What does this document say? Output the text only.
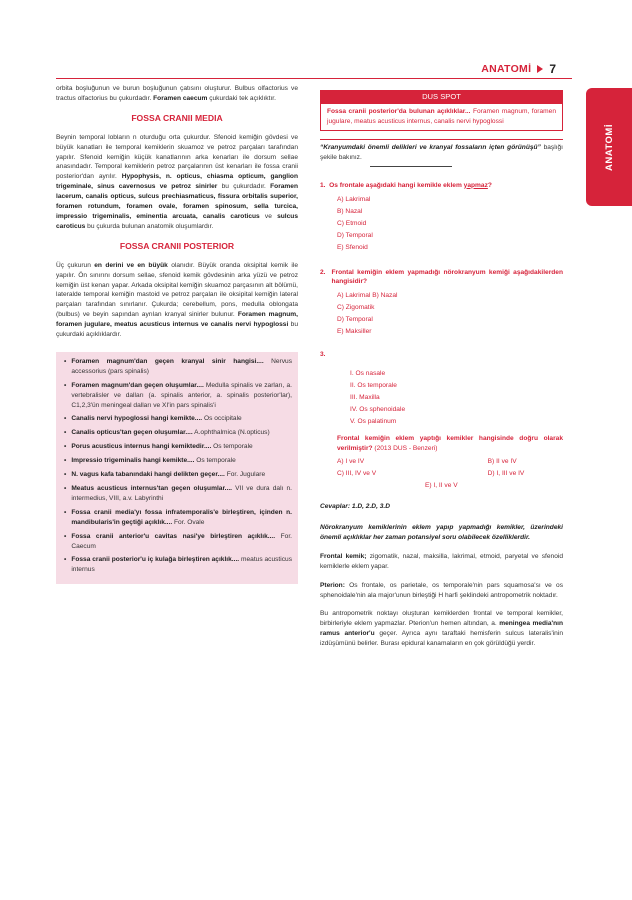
ANATOMİ 7
ANATOMİ

orbita boşluğunun ve burun boşluğunun çatısını oluşturur. Bulbus olfactorius ve tractus olfactorius bu çukurdadır. Foramen caecum çukurdaki tek açıklıktır.

FOSSA CRANII MEDIA

Beynin temporal lobların n oturduğu orta çukurdur. Sfenoid kemiğin gövdesi ve büyük kanatları ile temporal kemiklerin skuamoz ve petroz parçaları tarafından yapılır. Sfenoid kemiğin küçük kanatlarının arka kenarları ile dorsum sellae anasındadır. Temporal kemiklerin petroz parçalarının üst kenarları ile fossa cranii posterior'dan ayrılır. Hypophysis, n. opticus, chiasma opticum, ganglion trigeminale, sinus cavernosus ve petroz sinirler bu çukurdadır. Foramen lacerum, canalis opticus, sulcus prechiasmaticus, fissura orbitalis superior, foramen rotundum, foramen ovale, foramen spinosum, sella turcica, impressio trigeminalis, eminentia arcuata, canalis caroticus ve sulcus caroticus bu çukurda bulunan anatomik oluşumlardır.

FOSSA CRANII POSTERIOR

Üç çukurun en derini ve en büyük olanıdır. Büyük oranda oksipital kemik ile yapılır. Ön sınırını dorsum sellae, sfenoid kemik gövdesinin arka yüzü ve petroz kemiğin üst kenarı yapar. Arkada oksipital kemiğin skuamoz parçasının alt bölümü, lateralde temporal kemiğin mastoid ve petroz parçaları ile oksipital kemiğin lateral parçaları tarafından sınırlanır. Çukurda; cerebellum, pons, medulla oblongata (bulbus) ve beyin sapından ayrılan kranyal sinirler bulunur. Foramen magnum, foramen jugulare, meatus acusticus internus ve canalis nervi hypoglossi bu çukurdaki açıklıklardır.

• Foramen magnum'dan geçen kranyal sinir hangisi.... Nervus accessorius (pars spinalis)
• Foramen magnum'dan geçen oluşumlar.... Medulla spinalis ve zarları, a. vertebralisler ve dalları (a. spinalis anterior, a. spinalis posterior'lar), C1,2,3'ün meningeal dalları ve XI'in pars spinalis'i
• Canalis nervi hypoglossi hangi kemikte.... Os occipitale
• Canalis opticus'tan geçen oluşumlar.... A.ophthalmica (N.opticus)
• Porus acusticus internus hangi kemiktedir.... Os temporale
• Impressio trigeminalis hangi kemikte.... Os temporale
• N. vagus kafa tabanındaki hangi delikten geçer.... For. Jugulare
• Meatus acusticus internus'tan geçen oluşumlar.... VII ve dura dalı n. intermedius, VIII, a.v. Labyrinthi
• Fossa cranii media'yı fossa infratemporalis'e birleştiren, içinden n. mandibularis'in geçtiği açıklık.... For. Ovale
• Fossa cranii anterior'u cavitas nasi'ye birleştiren açıklık.... For. Caecum
• Fossa cranii posterior'u iç kulağa birleştiren açıklık.... meatus acusticus internus
DUS SPOT
Fossa cranii posterior'da bulunan açıklıklar... Foramen magnum, foramen jugulare, meatus acusticus internus, canalis nervi hypoglossi

“Kranyumdaki önemli delikleri ve kranyal fossaların içten görünüşü” başlığı şekile bakınız.

1. Os frontale aşağıdaki hangi kemikle eklem yapmaz?
A) Lakrimal
B) Nazal
C) Etmoid
D) Temporal
E) Sfenoid
2. Frontal kemiğin eklem yapmadığı nörokranyum kemiği aşağıdakilerden hangisidir?
A) Lakrimal B) Nazal
C) Zigomatik
D) Temporal
E) Maksiller
3.
I. Os nasale
II. Os temporale
III. Maxilla
IV. Os sphenoidale
V. Os palatinum
Frontal kemiğin eklem yaptığı kemikler hangisinde doğru olarak verilmiştir? (2013 DUS - Benzeri)
A) I ve IV	B) II ve IV
C) III, IV ve V	D) I, III ve IV
E) I, II ve V

Cevaplar: 1.D, 2.D, 3.D

Nörokranyum kemiklerinin eklem yapıp yapmadığı kemikler, üzerindeki önemli açıklıklar her zaman potansiyel soru olabilecek özelliklerdir.

Frontal kemik; zigomatik, nazal, maksilla, lakrimal, etmoid, paryetal ve sfenoid kemiklerle eklem yapar.

Pterion: Os frontale, os parietale, os temporale'nin pars squamosa'sı ve os sphenoidale'nin ala major'unun birleştiği H harfi şeklindeki antropometrik noktadır.

Bu antropometrik noktayı oluşturan kemiklerden frontal ve temporal kemikler, birbirleriyle eklem yapmazlar. Pterion'un hemen altından, a. meningea media'nın ramus anterior'u geçer. Ayrıca aynı taraftaki hemisferin sulcus lateralis'inin izdüşümünü belirler. Burası epidural kanamaların en çok görüldüğü yerdir.
